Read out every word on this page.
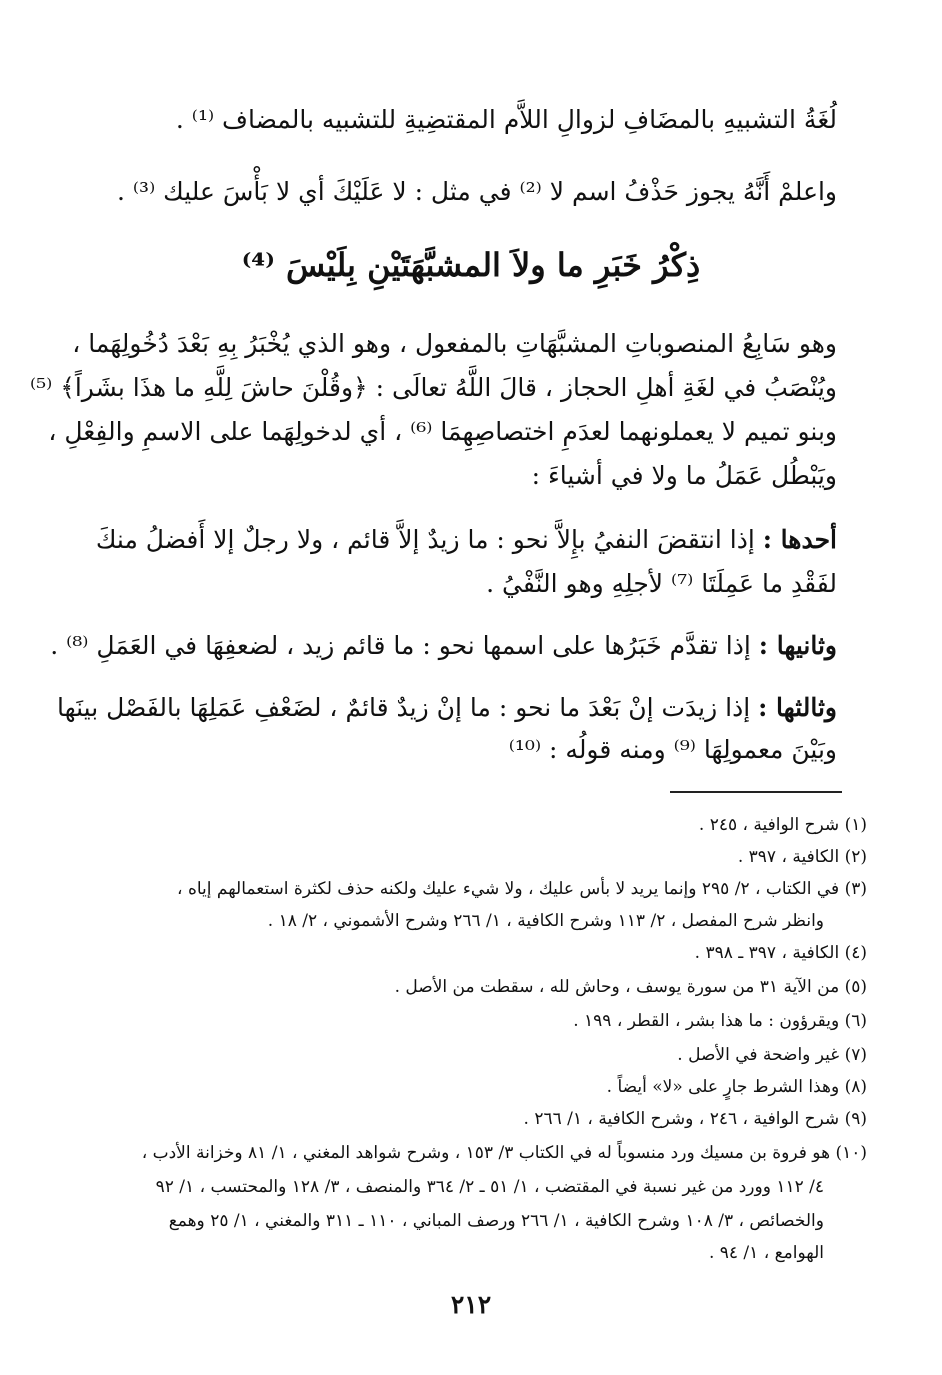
لُغَةُ التشبيهِ بالمضَافِ لزوالِ اللاَّم المقتضِيةِ للتشبيه بالمضاف ⁽¹⁾ .
واعلمْ أَنَّهُ يجوز حَذْفُ اسم لا ⁽²⁾ في مثل : لا عَلَيْكَ أي لا بَأْسَ عليك ⁽³⁾ .
ذِكْرُ خَبَرِ ما ولاَ المشبَّهَتَيْنِ بِلَيْسَ ⁽⁴⁾
وهو سَابِعُ المنصوباتِ المشبَّهَاتِ بالمفعول ، وهو الذي يُخْبَرُ بِهِ بَعْدَ دُخُولِهَما ،
ويُنْصَبُ في لغَةِ أهلِ الحجاز ، قالَ اللَّهُ تعالَى : ﴿وقُلْنَ حاشَ لِلَّهِ ما هذَا بشَراً﴾ ⁽⁵⁾
وبنو تميم لا يعملونهما لعدَمِ اختصاصِهِمَا ⁽⁶⁾ ، أي لدخولِهَما على الاسمِ والفِعْلِ ،
ويَبْطُل عَمَلُ ما ولا في أشياءَ :
أحدها : إذا انتقضَ النفيُ بإِلاَّ نحو : ما زيدٌ إلاَّ قائم ، ولا رجلٌ إلا أَفضلُ منكَ
لفَقْدِ ما عَمِلَتَا ⁽⁷⁾ لأجلِهِ وهو النَّفْيُ .
وثانيها : إذا تقدَّم خَبَرُها على اسمها نحو : ما قائم زيد ، لضعفِهَا في العَمَلِ ⁽⁸⁾ .
وثالثها : إذا زيدَت إنْ بَعْدَ ما نحو : ما إنْ زيدٌ قائمٌ ، لضَعْفِ عَمَلِهَا بالفَصْل بينَها
وبَيْنَ معمولِهَا ⁽⁹⁾ ومنه قولُه : ⁽¹⁰⁾
(١) شرح الوافية ، ٢٤٥ .
(٢) الكافية ، ٣٩٧ .
(٣) في الكتاب ، ٢/ ٢٩٥ وإنما يريد لا بأس عليك ، ولا شيء عليك ولكنه حذف لكثرة استعمالهم إياه ،
وانظر شرح المفصل ، ٢/ ١١٣ وشرح الكافية ، ١/ ٢٦٦ وشرح الأشموني ، ٢/ ١٨ .
(٤) الكافية ، ٣٩٧ ـ ٣٩٨ .
(٥) من الآية ٣١ من سورة يوسف ، وحاش لله ، سقطت من الأصل .
(٦) ويقرؤون : ما هذا بشر ، القطر ، ١٩٩ .
(٧) غير واضحة في الأصل .
(٨) وهذا الشرط جارٍ على «لا» أيضاً .
(٩) شرح الوافية ، ٢٤٦ ، وشرح الكافية ، ١/ ٢٦٦ .
(١٠) هو فروة بن مسيك ورد منسوباً له في الكتاب ٣/ ١٥٣ ، وشرح شواهد المغني ، ١/ ٨١ وخزانة الأدب ،
٤/ ١١٢ وورد من غير نسبة في المقتضب ، ١/ ٥١ ـ ٢/ ٣٦٤ والمنصف ، ٣/ ١٢٨ والمحتسب ، ١/ ٩٢
والخصائص ، ٣/ ١٠٨ وشرح الكافية ، ١/ ٢٦٦ ورصف المباني ، ١١٠ ـ ٣١١ والمغني ، ١/ ٢٥ وهمع
الهوامع ، ١/ ٩٤ .
٢١٢
